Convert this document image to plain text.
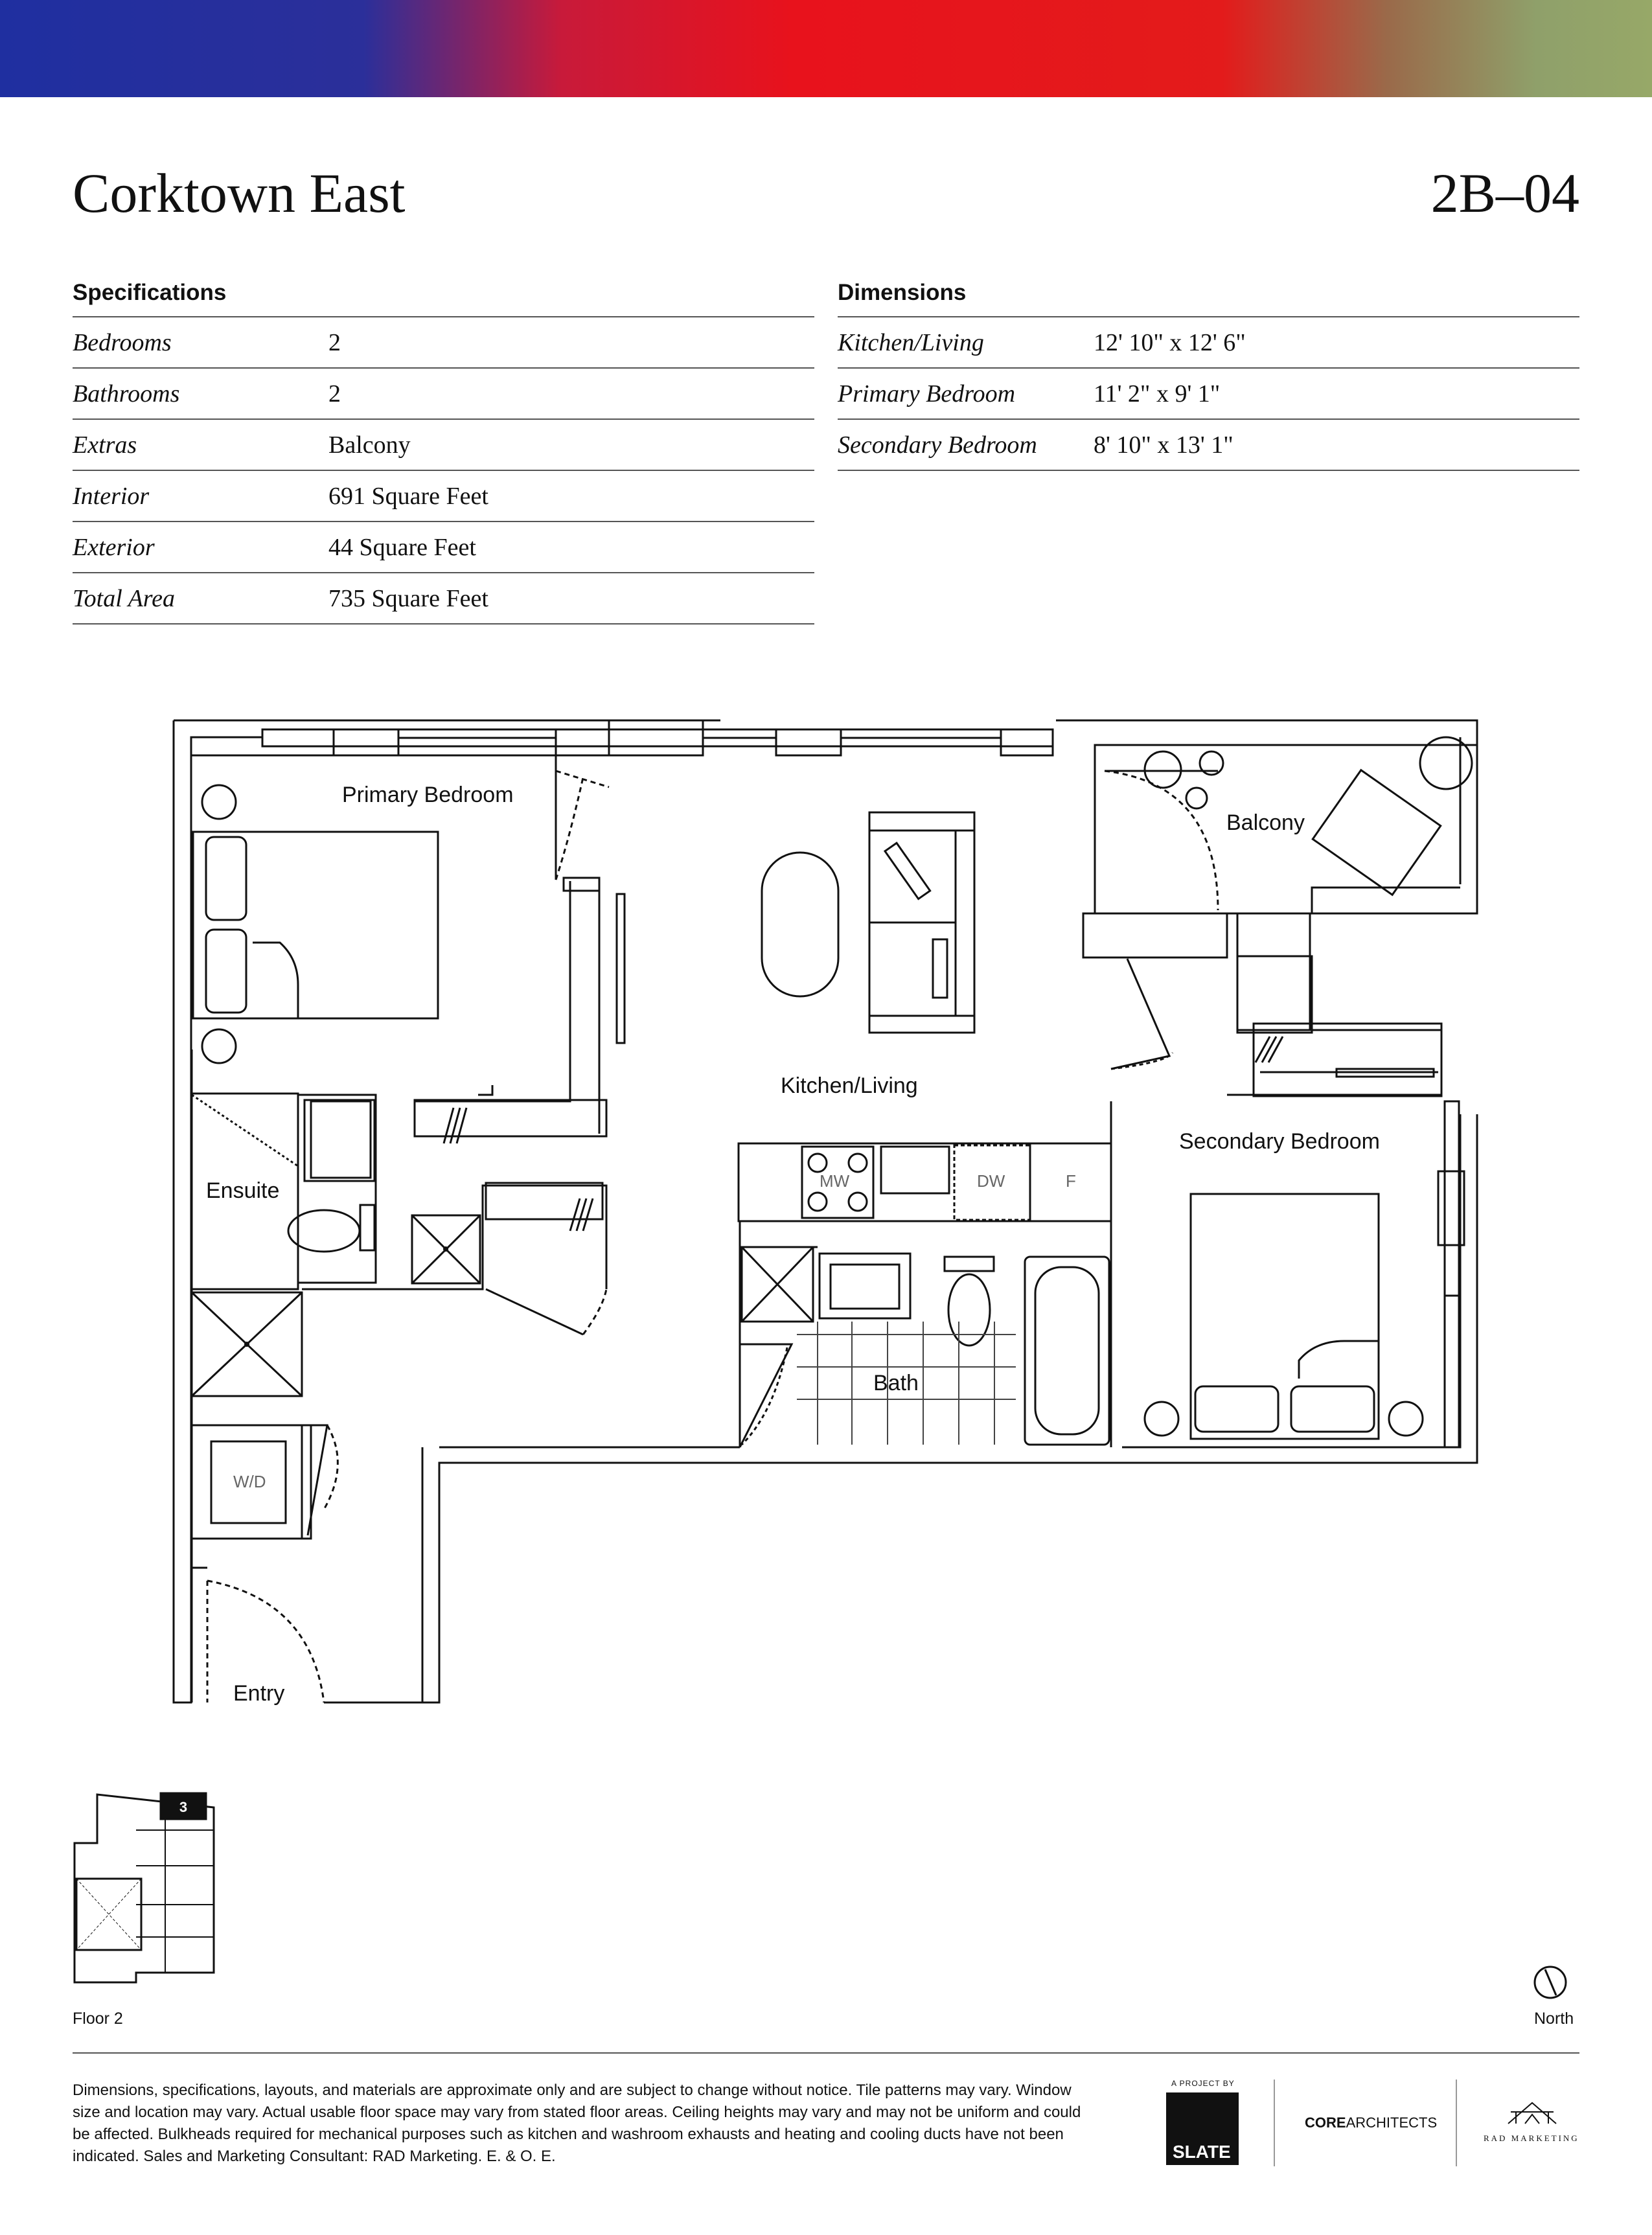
Corktown East	2B–04
Specifications
Bedrooms	2
Bathrooms	2
Extras	Balcony
Interior	691 Square Feet
Exterior	44 Square Feet
Total Area	735 Square Feet
Dimensions
Kitchen/Living	12' 10" x 12' 6"
Primary Bedroom	11' 2" x 9' 1"
Secondary Bedroom	8' 10" x 13' 1"
3
Primary Bedroom
Balcony
Kitchen/Living
Secondary Bedroom
Ensuite
Bath
Entry
MW	DW	F
W/D
Floor 2	North
Dimensions, specifications, layouts, and materials are approximate only and are subject to change without notice. Tile patterns may vary. Window size and location may vary. Actual usable floor space may vary from stated floor areas. Ceiling heights may vary and may not be uniform and could be affected. Bulkheads required for mechanical purposes such as kitchen and washroom exhausts and heating and cooling ducts have not been indicated. Sales and Marketing Consultant: RAD Marketing. E. & O. E.
A PROJECT BY
SLATE
COREARCHITECTS
RAD MARKETING
